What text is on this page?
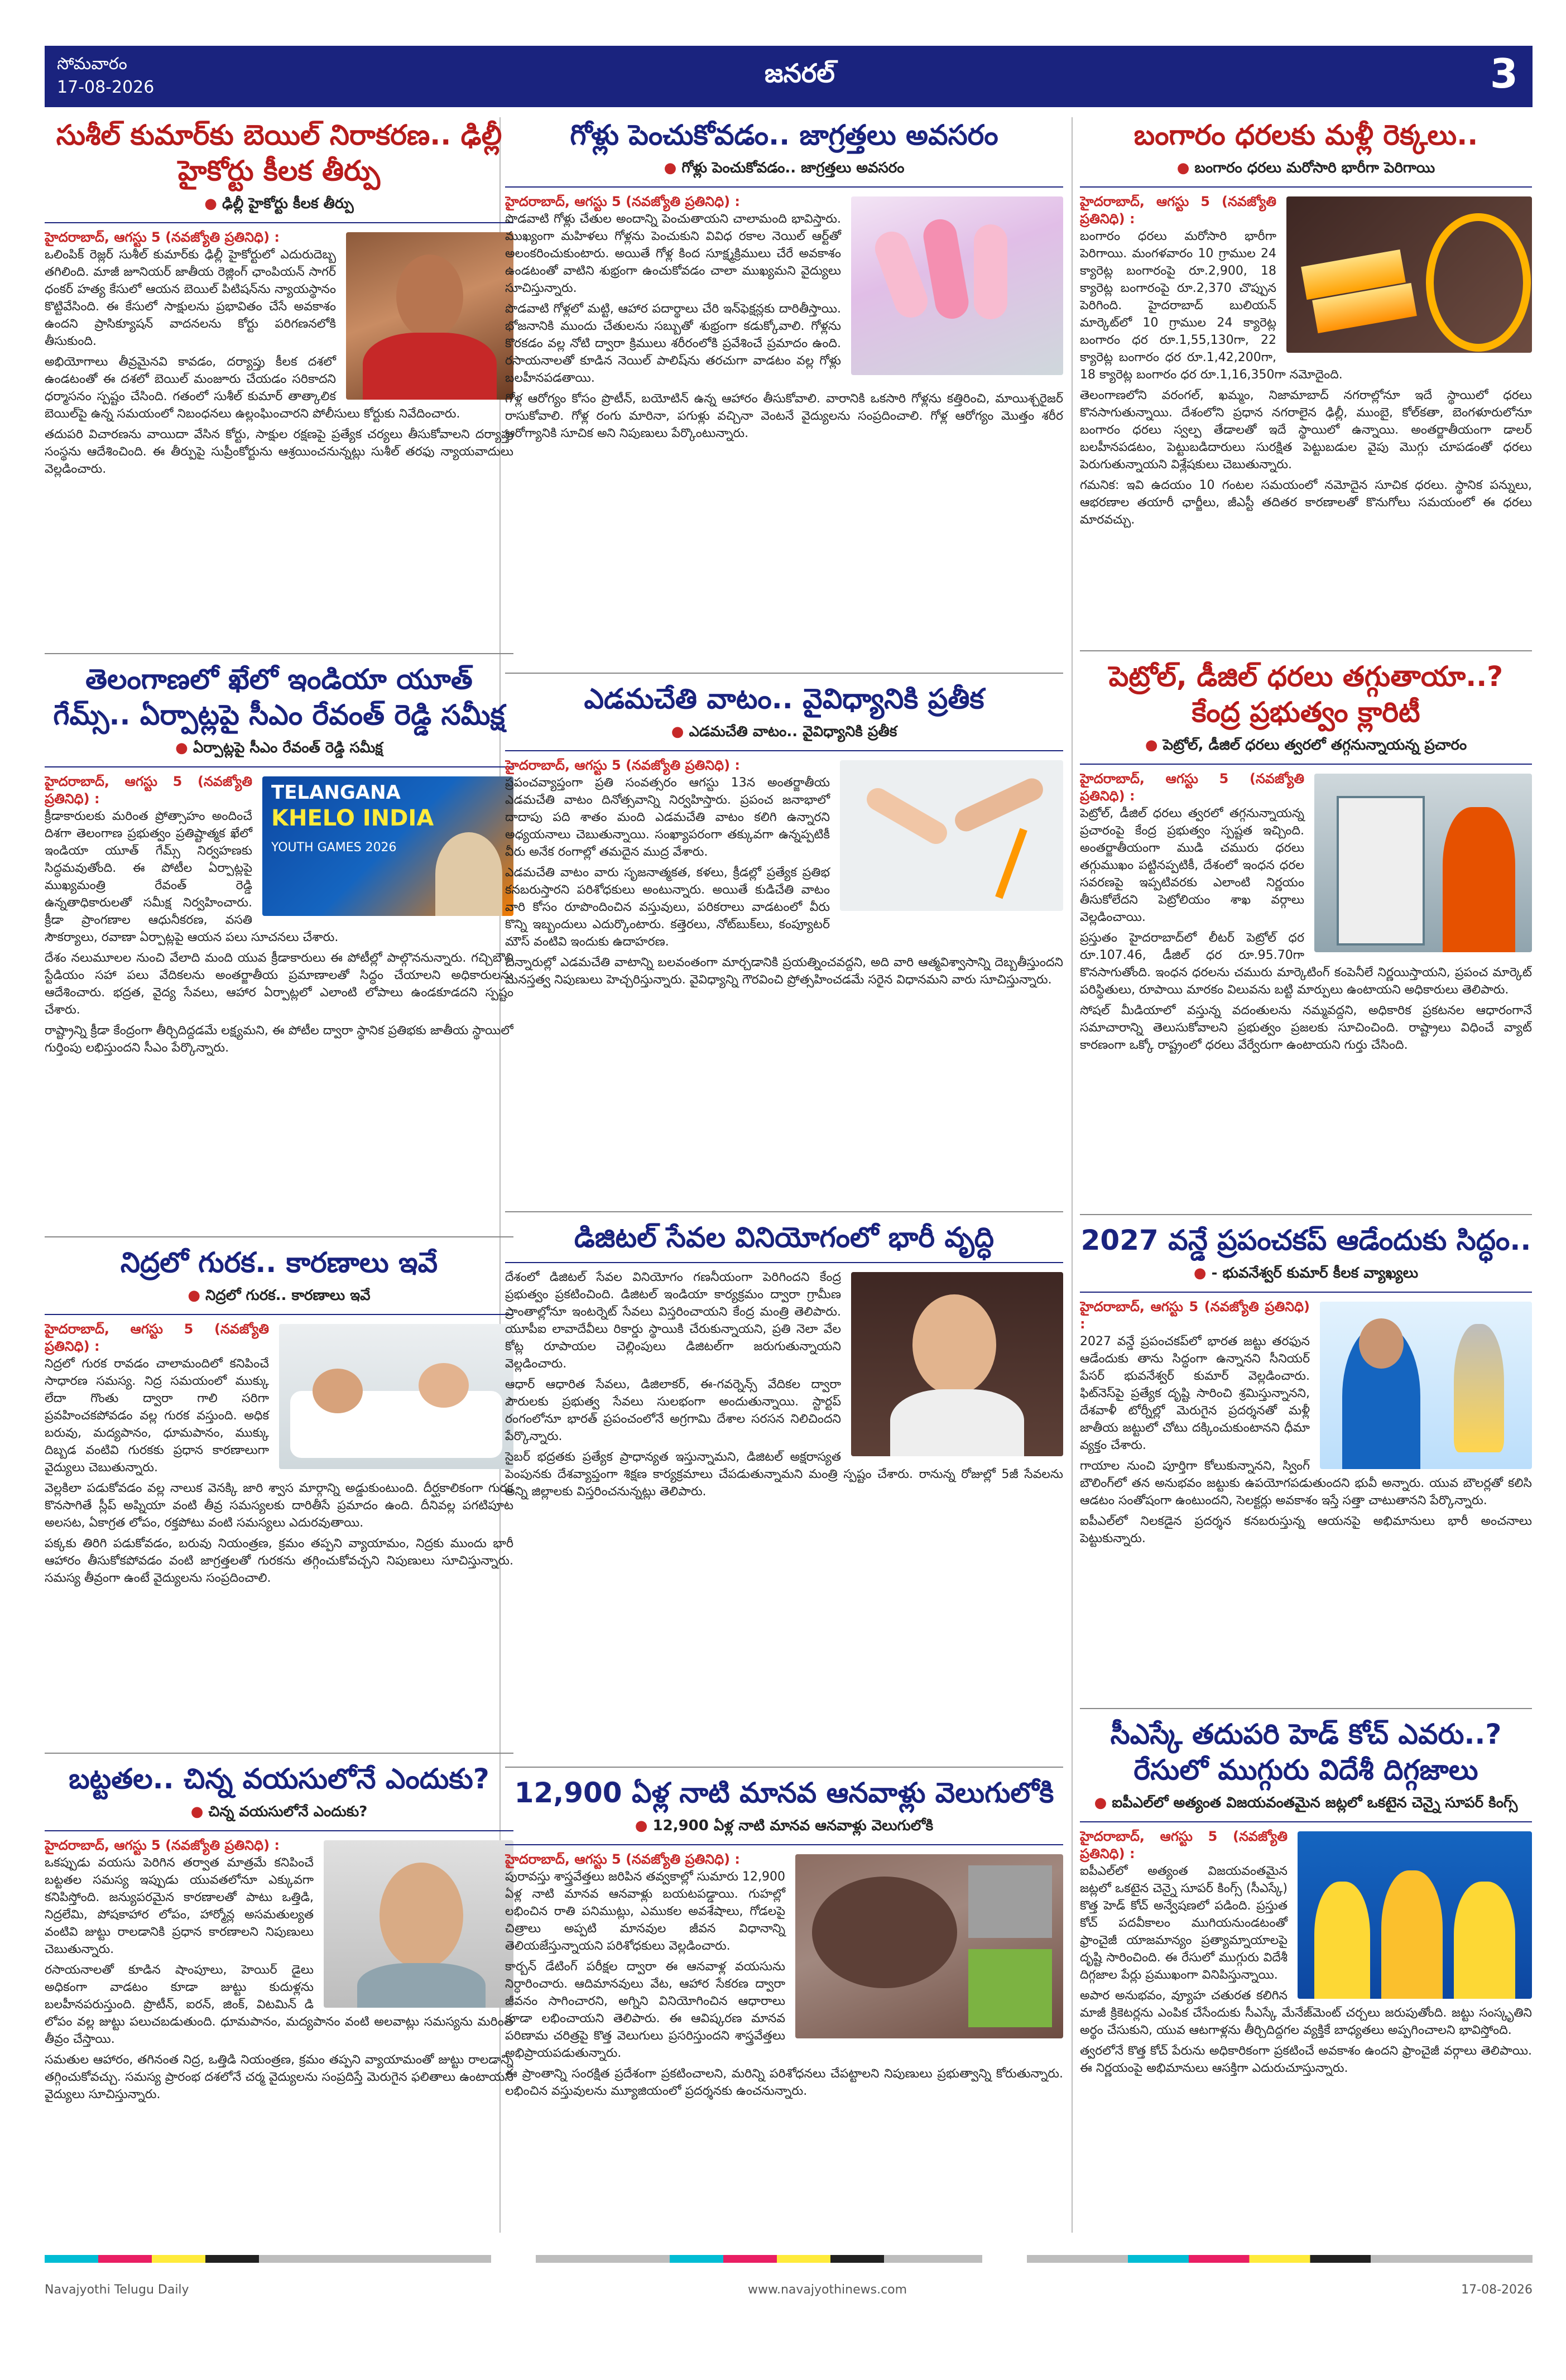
సోమవారం
17-08-2026	జనరల్	3
సుశీల్ కుమార్‌కు బెయిల్ నిరాకరణ.. ఢిల్లీ హైకోర్టు కీలక తీర్పు
● ఢిల్లీ హైకోర్టు కీలక తీర్పు
హైదరాబాద్, ఆగస్టు 5 (నవజ్యోతి ప్రతినిధి) :

ఒలింపిక్ రెజ్లర్ సుశీల్ కుమార్‌కు ఢిల్లీ హైకోర్టులో ఎదురుదెబ్బ తగిలింది. మాజీ జూనియర్ జాతీయ రెజ్లింగ్ ఛాంపియన్ సాగర్ ధంకర్ హత్య కేసులో ఆయన బెయిల్ పిటిషన్‌ను న్యాయస్థానం కొట్టివేసింది. ఈ కేసులో సాక్షులను ప్రభావితం చేసే అవకాశం ఉందని ప్రాసిక్యూషన్ వాదనలను కోర్టు పరిగణనలోకి తీసుకుంది.

అభియోగాలు తీవ్రమైనవి కావడం, దర్యాప్తు కీలక దశలో ఉండటంతో ఈ దశలో బెయిల్ మంజూరు చేయడం సరికాదని ధర్మాసనం స్పష్టం చేసింది. గతంలో సుశీల్ కుమార్ తాత్కాలిక బెయిల్‌పై ఉన్న సమయంలో నిబంధనలు ఉల్లంఘించారని పోలీసులు కోర్టుకు నివేదించారు.

తదుపరి విచారణను వాయిదా వేసిన కోర్టు, సాక్షుల రక్షణపై ప్రత్యేక చర్యలు తీసుకోవాలని దర్యాప్తు సంస్థను ఆదేశించింది. ఈ తీర్పుపై సుప్రీంకోర్టును ఆశ్రయించనున్నట్లు సుశీల్ తరఫు న్యాయవాదులు వెల్లడించారు.

తెలంగాణలో ఖేలో ఇండియా యూత్ గేమ్స్.. ఏర్పాట్లపై సీఎం రేవంత్ రెడ్డి సమీక్ష
● ఏర్పాట్లపై సీఎం రేవంత్ రెడ్డి సమీక్ష
TELANGANA
KHELO INDIA
YOUTH GAMES 2026
హైదరాబాద్, ఆగస్టు 5 (నవజ్యోతి ప్రతినిధి) :

క్రీడాకారులకు మరింత ప్రోత్సాహం అందించే దిశగా తెలంగాణ ప్రభుత్వం ప్రతిష్టాత్మక ఖేలో ఇండియా యూత్ గేమ్స్ నిర్వహణకు సిద్ధమవుతోంది. ఈ పోటీల ఏర్పాట్లపై ముఖ్యమంత్రి రేవంత్ రెడ్డి ఉన్నతాధికారులతో సమీక్ష నిర్వహించారు. క్రీడా ప్రాంగణాల ఆధునీకరణ, వసతి సౌకర్యాలు, రవాణా ఏర్పాట్లపై ఆయన పలు సూచనలు చేశారు.

దేశం నలుమూలల నుంచి వేలాది మంది యువ క్రీడాకారులు ఈ పోటీల్లో పాల్గొననున్నారు. గచ్చిబౌలి స్టేడియం సహా పలు వేదికలను అంతర్జాతీయ ప్రమాణాలతో సిద్ధం చేయాలని అధికారులను ఆదేశించారు. భద్రత, వైద్య సేవలు, ఆహార ఏర్పాట్లలో ఎలాంటి లోపాలు ఉండకూడదని స్పష్టం చేశారు.

రాష్ట్రాన్ని క్రీడా కేంద్రంగా తీర్చిదిద్దడమే లక్ష్యమని, ఈ పోటీల ద్వారా స్థానిక ప్రతిభకు జాతీయ స్థాయిలో గుర్తింపు లభిస్తుందని సీఎం పేర్కొన్నారు.

నిద్రలో గురక.. కారణాలు ఇవే
● నిద్రలో గురక.. కారణాలు ఇవే
హైదరాబాద్, ఆగస్టు 5 (నవజ్యోతి ప్రతినిధి) :

నిద్రలో గురక రావడం చాలామందిలో కనిపించే సాధారణ సమస్య. నిద్ర సమయంలో ముక్కు లేదా గొంతు ద్వారా గాలి సరిగా ప్రవహించకపోవడం వల్ల గురక వస్తుంది. అధిక బరువు, మద్యపానం, ధూమపానం, ముక్కు దిబ్బడ వంటివి గురకకు ప్రధాన కారణాలుగా వైద్యులు చెబుతున్నారు.

వెల్లకిలా పడుకోవడం వల్ల నాలుక వెనక్కి జారి శ్వాస మార్గాన్ని అడ్డుకుంటుంది. దీర్ఘకాలికంగా గురక కొనసాగితే స్లీప్ అప్నియా వంటి తీవ్ర సమస్యలకు దారితీసే ప్రమాదం ఉంది. దీనివల్ల పగటిపూట అలసట, ఏకాగ్రత లోపం, రక్తపోటు వంటి సమస్యలు ఎదురవుతాయి.

పక్కకు తిరిగి పడుకోవడం, బరువు నియంత్రణ, క్రమం తప్పని వ్యాయామం, నిద్రకు ముందు భారీ ఆహారం తీసుకోకపోవడం వంటి జాగ్రత్తలతో గురకను తగ్గించుకోవచ్చని నిపుణులు సూచిస్తున్నారు. సమస్య తీవ్రంగా ఉంటే వైద్యులను సంప్రదించాలి.

బట్టతల.. చిన్న వయసులోనే ఎందుకు?
● చిన్న వయసులోనే ఎందుకు?
హైదరాబాద్, ఆగస్టు 5 (నవజ్యోతి ప్రతినిధి) :

ఒకప్పుడు వయసు పెరిగిన తర్వాత మాత్రమే కనిపించే బట్టతల సమస్య ఇప్పుడు యువతలోనూ ఎక్కువగా కనిపిస్తోంది. జన్యుపరమైన కారణాలతో పాటు ఒత్తిడి, నిద్రలేమి, పోషకాహార లోపం, హార్మోన్ల అసమతుల్యత వంటివి జుట్టు రాలడానికి ప్రధాన కారణాలని నిపుణులు చెబుతున్నారు.

రసాయనాలతో కూడిన షాంపూలు, హెయిర్ డైలు అధికంగా వాడటం కూడా జుట్టు కుదుళ్లను బలహీనపరుస్తుంది. ప్రొటీన్, ఐరన్, జింక్, విటమిన్ డి లోపం వల్ల జుట్టు పలుచబడుతుంది. ధూమపానం, మద్యపానం వంటి అలవాట్లు సమస్యను మరింత తీవ్రం చేస్తాయి.

సమతుల ఆహారం, తగినంత నిద్ర, ఒత్తిడి నియంత్రణ, క్రమం తప్పని వ్యాయామంతో జుట్టు రాలడాన్ని తగ్గించుకోవచ్చు. సమస్య ప్రారంభ దశలోనే చర్మ వైద్యులను సంప్రదిస్తే మెరుగైన ఫలితాలు ఉంటాయని వైద్యులు సూచిస్తున్నారు.

గోళ్లు పెంచుకోవడం.. జాగ్రత్తలు అవసరం
● గోళ్లు పెంచుకోవడం.. జాగ్రత్తలు అవసరం
హైదరాబాద్, ఆగస్టు 5 (నవజ్యోతి ప్రతినిధి) :

పొడవాటి గోళ్లు చేతుల అందాన్ని పెంచుతాయని చాలామంది భావిస్తారు. ముఖ్యంగా మహిళలు గోళ్లను పెంచుకుని వివిధ రకాల నెయిల్ ఆర్ట్‌తో అలంకరించుకుంటారు. అయితే గోళ్ల కింద సూక్ష్మక్రిములు చేరే అవకాశం ఉండటంతో వాటిని శుభ్రంగా ఉంచుకోవడం చాలా ముఖ్యమని వైద్యులు సూచిస్తున్నారు.

పొడవాటి గోళ్లలో మట్టి, ఆహార పదార్థాలు చేరి ఇన్‌ఫెక్షన్లకు దారితీస్తాయి. భోజనానికి ముందు చేతులను సబ్బుతో శుభ్రంగా కడుక్కోవాలి. గోళ్లను కొరకడం వల్ల నోటి ద్వారా క్రిములు శరీరంలోకి ప్రవేశించే ప్రమాదం ఉంది. రసాయనాలతో కూడిన నెయిల్ పాలిష్‌ను తరచుగా వాడటం వల్ల గోళ్లు బలహీనపడతాయి.

గోళ్ల ఆరోగ్యం కోసం ప్రొటీన్, బయోటిన్ ఉన్న ఆహారం తీసుకోవాలి. వారానికి ఒకసారి గోళ్లను కత్తిరించి, మాయిశ్చరైజర్ రాసుకోవాలి. గోళ్ల రంగు మారినా, పగుళ్లు వచ్చినా వెంటనే వైద్యులను సంప్రదించాలి. గోళ్ల ఆరోగ్యం మొత్తం శరీర ఆరోగ్యానికి సూచిక అని నిపుణులు పేర్కొంటున్నారు.

ఎడమచేతి వాటం.. వైవిధ్యానికి ప్రతీక
● ఎడమచేతి వాటం.. వైవిధ్యానికి ప్రతీక
హైదరాబాద్, ఆగస్టు 5 (నవజ్యోతి ప్రతినిధి) :

ప్రపంచవ్యాప్తంగా ప్రతి సంవత్సరం ఆగస్టు 13న అంతర్జాతీయ ఎడమచేతి వాటం దినోత్సవాన్ని నిర్వహిస్తారు. ప్రపంచ జనాభాలో దాదాపు పది శాతం మంది ఎడమచేతి వాటం కలిగి ఉన్నారని అధ్యయనాలు చెబుతున్నాయి. సంఖ్యాపరంగా తక్కువగా ఉన్నప్పటికీ వీరు అనేక రంగాల్లో తమదైన ముద్ర వేశారు.

ఎడమచేతి వాటం వారు సృజనాత్మకత, కళలు, క్రీడల్లో ప్రత్యేక ప్రతిభ కనబరుస్తారని పరిశోధకులు అంటున్నారు. అయితే కుడిచేతి వాటం వారి కోసం రూపొందించిన వస్తువులు, పరికరాలు వాడటంలో వీరు కొన్ని ఇబ్బందులు ఎదుర్కొంటారు. కత్తెరలు, నోట్‌బుక్‌లు, కంప్యూటర్ మౌస్ వంటివి ఇందుకు ఉదాహరణ.

చిన్నారుల్లో ఎడమచేతి వాటాన్ని బలవంతంగా మార్చడానికి ప్రయత్నించవద్దని, అది వారి ఆత్మవిశ్వాసాన్ని దెబ్బతీస్తుందని మనస్తత్వ నిపుణులు హెచ్చరిస్తున్నారు. వైవిధ్యాన్ని గౌరవించి ప్రోత్సహించడమే సరైన విధానమని వారు సూచిస్తున్నారు.

డిజిటల్ సేవల వినియోగంలో భారీ వృద్ధి

దేశంలో డిజిటల్ సేవల వినియోగం గణనీయంగా పెరిగిందని కేంద్ర ప్రభుత్వం ప్రకటించింది. డిజిటల్ ఇండియా కార్యక్రమం ద్వారా గ్రామీణ ప్రాంతాల్లోనూ ఇంటర్నెట్ సేవలు విస్తరించాయని కేంద్ర మంత్రి తెలిపారు. యూపీఐ లావాదేవీలు రికార్డు స్థాయికి చేరుకున్నాయని, ప్రతి నెలా వేల కోట్ల రూపాయల చెల్లింపులు డిజిటల్‌గా జరుగుతున్నాయని వెల్లడించారు.

ఆధార్ ఆధారిత సేవలు, డిజిలాకర్, ఈ-గవర్నెన్స్ వేదికల ద్వారా పౌరులకు ప్రభుత్వ సేవలు సులభంగా అందుతున్నాయి. స్టార్టప్ రంగంలోనూ భారత్ ప్రపంచంలోనే అగ్రగామి దేశాల సరసన నిలిచిందని పేర్కొన్నారు.

సైబర్ భద్రతకు ప్రత్యేక ప్రాధాన్యత ఇస్తున్నామని, డిజిటల్ అక్షరాస్యత పెంపునకు దేశవ్యాప్తంగా శిక్షణ కార్యక్రమాలు చేపడుతున్నామని మంత్రి స్పష్టం చేశారు. రానున్న రోజుల్లో 5జీ సేవలను అన్ని జిల్లాలకు విస్తరించనున్నట్లు తెలిపారు.

12,900 ఏళ్ల నాటి మానవ ఆనవాళ్లు వెలుగులోకి
● 12,900 ఏళ్ల నాటి మానవ ఆనవాళ్లు వెలుగులోకి
హైదరాబాద్, ఆగస్టు 5 (నవజ్యోతి ప్రతినిధి) :

పురావస్తు శాస్త్రవేత్తలు జరిపిన తవ్వకాల్లో సుమారు 12,900 ఏళ్ల నాటి మానవ ఆనవాళ్లు బయటపడ్డాయి. గుహల్లో లభించిన రాతి పనిముట్లు, ఎముకల అవశేషాలు, గోడలపై చిత్రాలు అప్పటి మానవుల జీవన విధానాన్ని తెలియజేస్తున్నాయని పరిశోధకులు వెల్లడించారు.

కార్బన్ డేటింగ్ పరీక్షల ద్వారా ఈ ఆనవాళ్ల వయసును నిర్ధారించారు. ఆదిమానవులు వేట, ఆహార సేకరణ ద్వారా జీవనం సాగించారని, అగ్నిని వినియోగించిన ఆధారాలు కూడా లభించాయని తెలిపారు. ఈ ఆవిష్కరణ మానవ పరిణామ చరిత్రపై కొత్త వెలుగులు ప్రసరిస్తుందని శాస్త్రవేత్తలు అభిప్రాయపడుతున్నారు.

ఈ ప్రాంతాన్ని సంరక్షిత ప్రదేశంగా ప్రకటించాలని, మరిన్ని పరిశోధనలు చేపట్టాలని నిపుణులు ప్రభుత్వాన్ని కోరుతున్నారు. లభించిన వస్తువులను మ్యూజియంలో ప్రదర్శనకు ఉంచనున్నారు.

బంగారం ధరలకు మళ్లీ రెక్కలు..
● బంగారం ధరలు మరోసారి భారీగా పెరిగాయి
హైదరాబాద్, ఆగస్టు 5 (నవజ్యోతి ప్రతినిధి) :

బంగారం ధరలు మరోసారి భారీగా పెరిగాయి. మంగళవారం 10 గ్రాముల 24 క్యారెట్ల బంగారంపై రూ.2,900, 18 క్యారెట్ల బంగారంపై రూ.2,370 చొప్పున పెరిగింది. హైదరాబాద్ బులియన్ మార్కెట్‌లో 10 గ్రాముల 24 క్యారెట్ల బంగారం ధర రూ.1,55,130గా, 22 క్యారెట్ల బంగారం ధర రూ.1,42,200గా, 18 క్యారెట్ల బంగారం ధర రూ.1,16,350గా నమోదైంది.

తెలంగాణలోని వరంగల్, ఖమ్మం, నిజామాబాద్ నగరాల్లోనూ ఇదే స్థాయిలో ధరలు కొనసాగుతున్నాయి. దేశంలోని ప్రధాన నగరాలైన ఢిల్లీ, ముంబై, కోల్‌కతా, బెంగళూరులోనూ బంగారం ధరలు స్వల్ప తేడాలతో ఇదే స్థాయిలో ఉన్నాయి. అంతర్జాతీయంగా డాలర్ బలహీనపడటం, పెట్టుబడిదారులు సురక్షిత పెట్టుబడుల వైపు మొగ్గు చూపడంతో ధరలు పెరుగుతున్నాయని విశ్లేషకులు చెబుతున్నారు.

గమనిక: ఇవి ఉదయం 10 గంటల సమయంలో నమోదైన సూచిక ధరలు. స్థానిక పన్నులు, ఆభరణాల తయారీ ఛార్జీలు, జీఎస్టీ తదితర కారణాలతో కొనుగోలు సమయంలో ఈ ధరలు మారవచ్చు.

పెట్రోల్, డీజిల్ ధరలు తగ్గుతాయా..? కేంద్ర ప్రభుత్వం క్లారిటీ
● పెట్రోల్, డీజిల్ ధరలు త్వరలో తగ్గనున్నాయన్న ప్రచారం
హైదరాబాద్, ఆగస్టు 5 (నవజ్యోతి ప్రతినిధి) :

పెట్రోల్, డీజిల్ ధరలు త్వరలో తగ్గనున్నాయన్న ప్రచారంపై కేంద్ర ప్రభుత్వం స్పష్టత ఇచ్చింది. అంతర్జాతీయంగా ముడి చమురు ధరలు తగ్గుముఖం పట్టినప్పటికీ, దేశంలో ఇంధన ధరల సవరణపై ఇప్పటివరకు ఎలాంటి నిర్ణయం తీసుకోలేదని పెట్రోలియం శాఖ వర్గాలు వెల్లడించాయి.

ప్రస్తుతం హైదరాబాద్‌లో లీటర్ పెట్రోల్ ధర రూ.107.46, డీజిల్ ధర రూ.95.70గా కొనసాగుతోంది. ఇంధన ధరలను చమురు మార్కెటింగ్ కంపెనీలే నిర్ణయిస్తాయని, ప్రపంచ మార్కెట్ పరిస్థితులు, రూపాయి మారకం విలువను బట్టి మార్పులు ఉంటాయని అధికారులు తెలిపారు.

సోషల్ మీడియాలో వస్తున్న వదంతులను నమ్మవద్దని, అధికారిక ప్రకటనల ఆధారంగానే సమాచారాన్ని తెలుసుకోవాలని ప్రభుత్వం ప్రజలకు సూచించింది. రాష్ట్రాలు విధించే వ్యాట్ కారణంగా ఒక్కో రాష్ట్రంలో ధరలు వేర్వేరుగా ఉంటాయని గుర్తు చేసింది.

2027 వన్డే ప్రపంచకప్ ఆడేందుకు సిద్ధం..
● - భువనేశ్వర్ కుమార్ కీలక వ్యాఖ్యలు
హైదరాబాద్, ఆగస్టు 5 (నవజ్యోతి ప్రతినిధి) :

2027 వన్డే ప్రపంచకప్‌లో భారత జట్టు తరఫున ఆడేందుకు తాను సిద్ధంగా ఉన్నానని సీనియర్ పేసర్ భువనేశ్వర్ కుమార్ వెల్లడించారు. ఫిట్‌నెస్‌పై ప్రత్యేక దృష్టి సారించి శ్రమిస్తున్నానని, దేశవాళీ టోర్నీల్లో మెరుగైన ప్రదర్శనతో మళ్లీ జాతీయ జట్టులో చోటు దక్కించుకుంటానని ధీమా వ్యక్తం చేశారు.

గాయాల నుంచి పూర్తిగా కోలుకున్నానని, స్వింగ్ బౌలింగ్‌లో తన అనుభవం జట్టుకు ఉపయోగపడుతుందని భువీ అన్నారు. యువ బౌలర్లతో కలిసి ఆడటం సంతోషంగా ఉంటుందని, సెలక్టర్లు అవకాశం ఇస్తే సత్తా చాటుతానని పేర్కొన్నారు.

ఐపీఎల్‌లో నిలకడైన ప్రదర్శన కనబరుస్తున్న ఆయనపై అభిమానులు భారీ అంచనాలు పెట్టుకున్నారు.

సీఎస్కే తదుపరి హెడ్ కోచ్ ఎవరు..? రేసులో ముగ్గురు విదేశీ దిగ్గజాలు
● ఐపీఎల్‌లో అత్యంత విజయవంతమైన జట్లలో ఒకటైన చెన్నై సూపర్ కింగ్స్
హైదరాబాద్, ఆగస్టు 5 (నవజ్యోతి ప్రతినిధి) :

ఐపీఎల్‌లో అత్యంత విజయవంతమైన జట్లలో ఒకటైన చెన్నై సూపర్ కింగ్స్ (సీఎస్కే) కొత్త హెడ్ కోచ్ అన్వేషణలో పడింది. ప్రస్తుత కోచ్ పదవీకాలం ముగియనుండటంతో ఫ్రాంచైజీ యాజమాన్యం ప్రత్యామ్నాయాలపై దృష్టి సారించింది. ఈ రేసులో ముగ్గురు విదేశీ దిగ్గజాల పేర్లు ప్రముఖంగా వినిపిస్తున్నాయి.

అపార అనుభవం, వ్యూహ చతురత కలిగిన మాజీ క్రికెటర్లను ఎంపిక చేసేందుకు సీఎస్కే మేనేజ్‌మెంట్ చర్చలు జరుపుతోంది. జట్టు సంస్కృతిని అర్థం చేసుకుని, యువ ఆటగాళ్లను తీర్చిదిద్దగల వ్యక్తికే బాధ్యతలు అప్పగించాలని భావిస్తోంది.

త్వరలోనే కొత్త కోచ్ పేరును అధికారికంగా ప్రకటించే అవకాశం ఉందని ఫ్రాంచైజీ వర్గాలు తెలిపాయి. ఈ నిర్ణయంపై అభిమానులు ఆసక్తిగా ఎదురుచూస్తున్నారు.

Navajyothi Telugu Daily	www.navajyothinews.com	17-08-2026
